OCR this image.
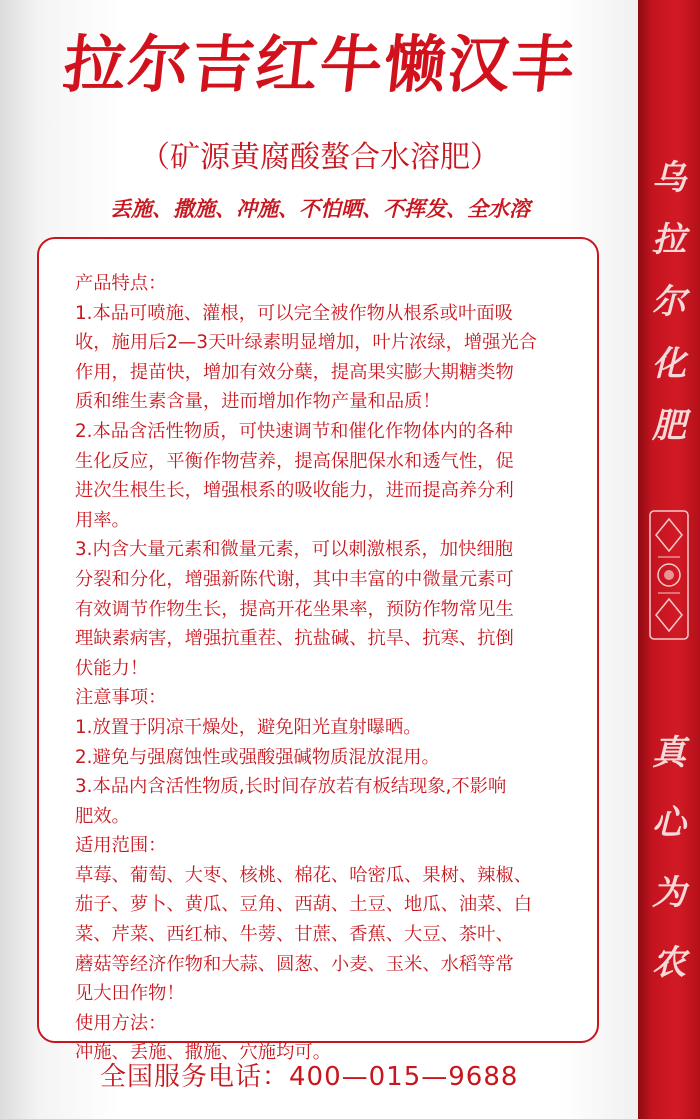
拉尔吉红牛懒汉丰
（矿源黄腐酸螯合水溶肥）
丢施、撒施、冲施、不怕晒、不挥发、全水溶

产品特点：

1.本品可喷施、灌根，可以完全被作物从根系或叶面吸

收，施用后2—3天叶绿素明显增加，叶片浓绿，增强光合

作用，提苗快，增加有效分蘖，提高果实膨大期糖类物

质和维生素含量，进而增加作物产量和品质！

2.本品含活性物质，可快速调节和催化作物体内的各种

生化反应，平衡作物营养，提高保肥保水和透气性，促

进次生根生长，增强根系的吸收能力，进而提高养分利

用率。

3.内含大量元素和微量元素，可以刺激根系，加快细胞

分裂和分化，增强新陈代谢，其中丰富的中微量元素可

有效调节作物生长，提高开花坐果率，预防作物常见生

理缺素病害，增强抗重茬、抗盐碱、抗旱、抗寒、抗倒

伏能力！

注意事项：

1.放置于阴凉干燥处，避免阳光直射曝晒。

2.避免与强腐蚀性或强酸强碱物质混放混用。

3.本品内含活性物质,长时间存放若有板结现象,不影响

肥效。

适用范围：

草莓、葡萄、大枣、核桃、棉花、哈密瓜、果树、辣椒、

茄子、萝卜、黄瓜、豆角、西葫、土豆、地瓜、油菜、白

菜、芹菜、西红柿、牛蒡、甘蔗、香蕉、大豆、茶叶、

蘑菇等经济作物和大蒜、圆葱、小麦、玉米、水稻等常

见大田作物！

使用方法：

冲施、丢施、撒施、穴施均可。

全国服务电话：400—015—9688
乌
拉
尔
化
肥
真
心
为
农
